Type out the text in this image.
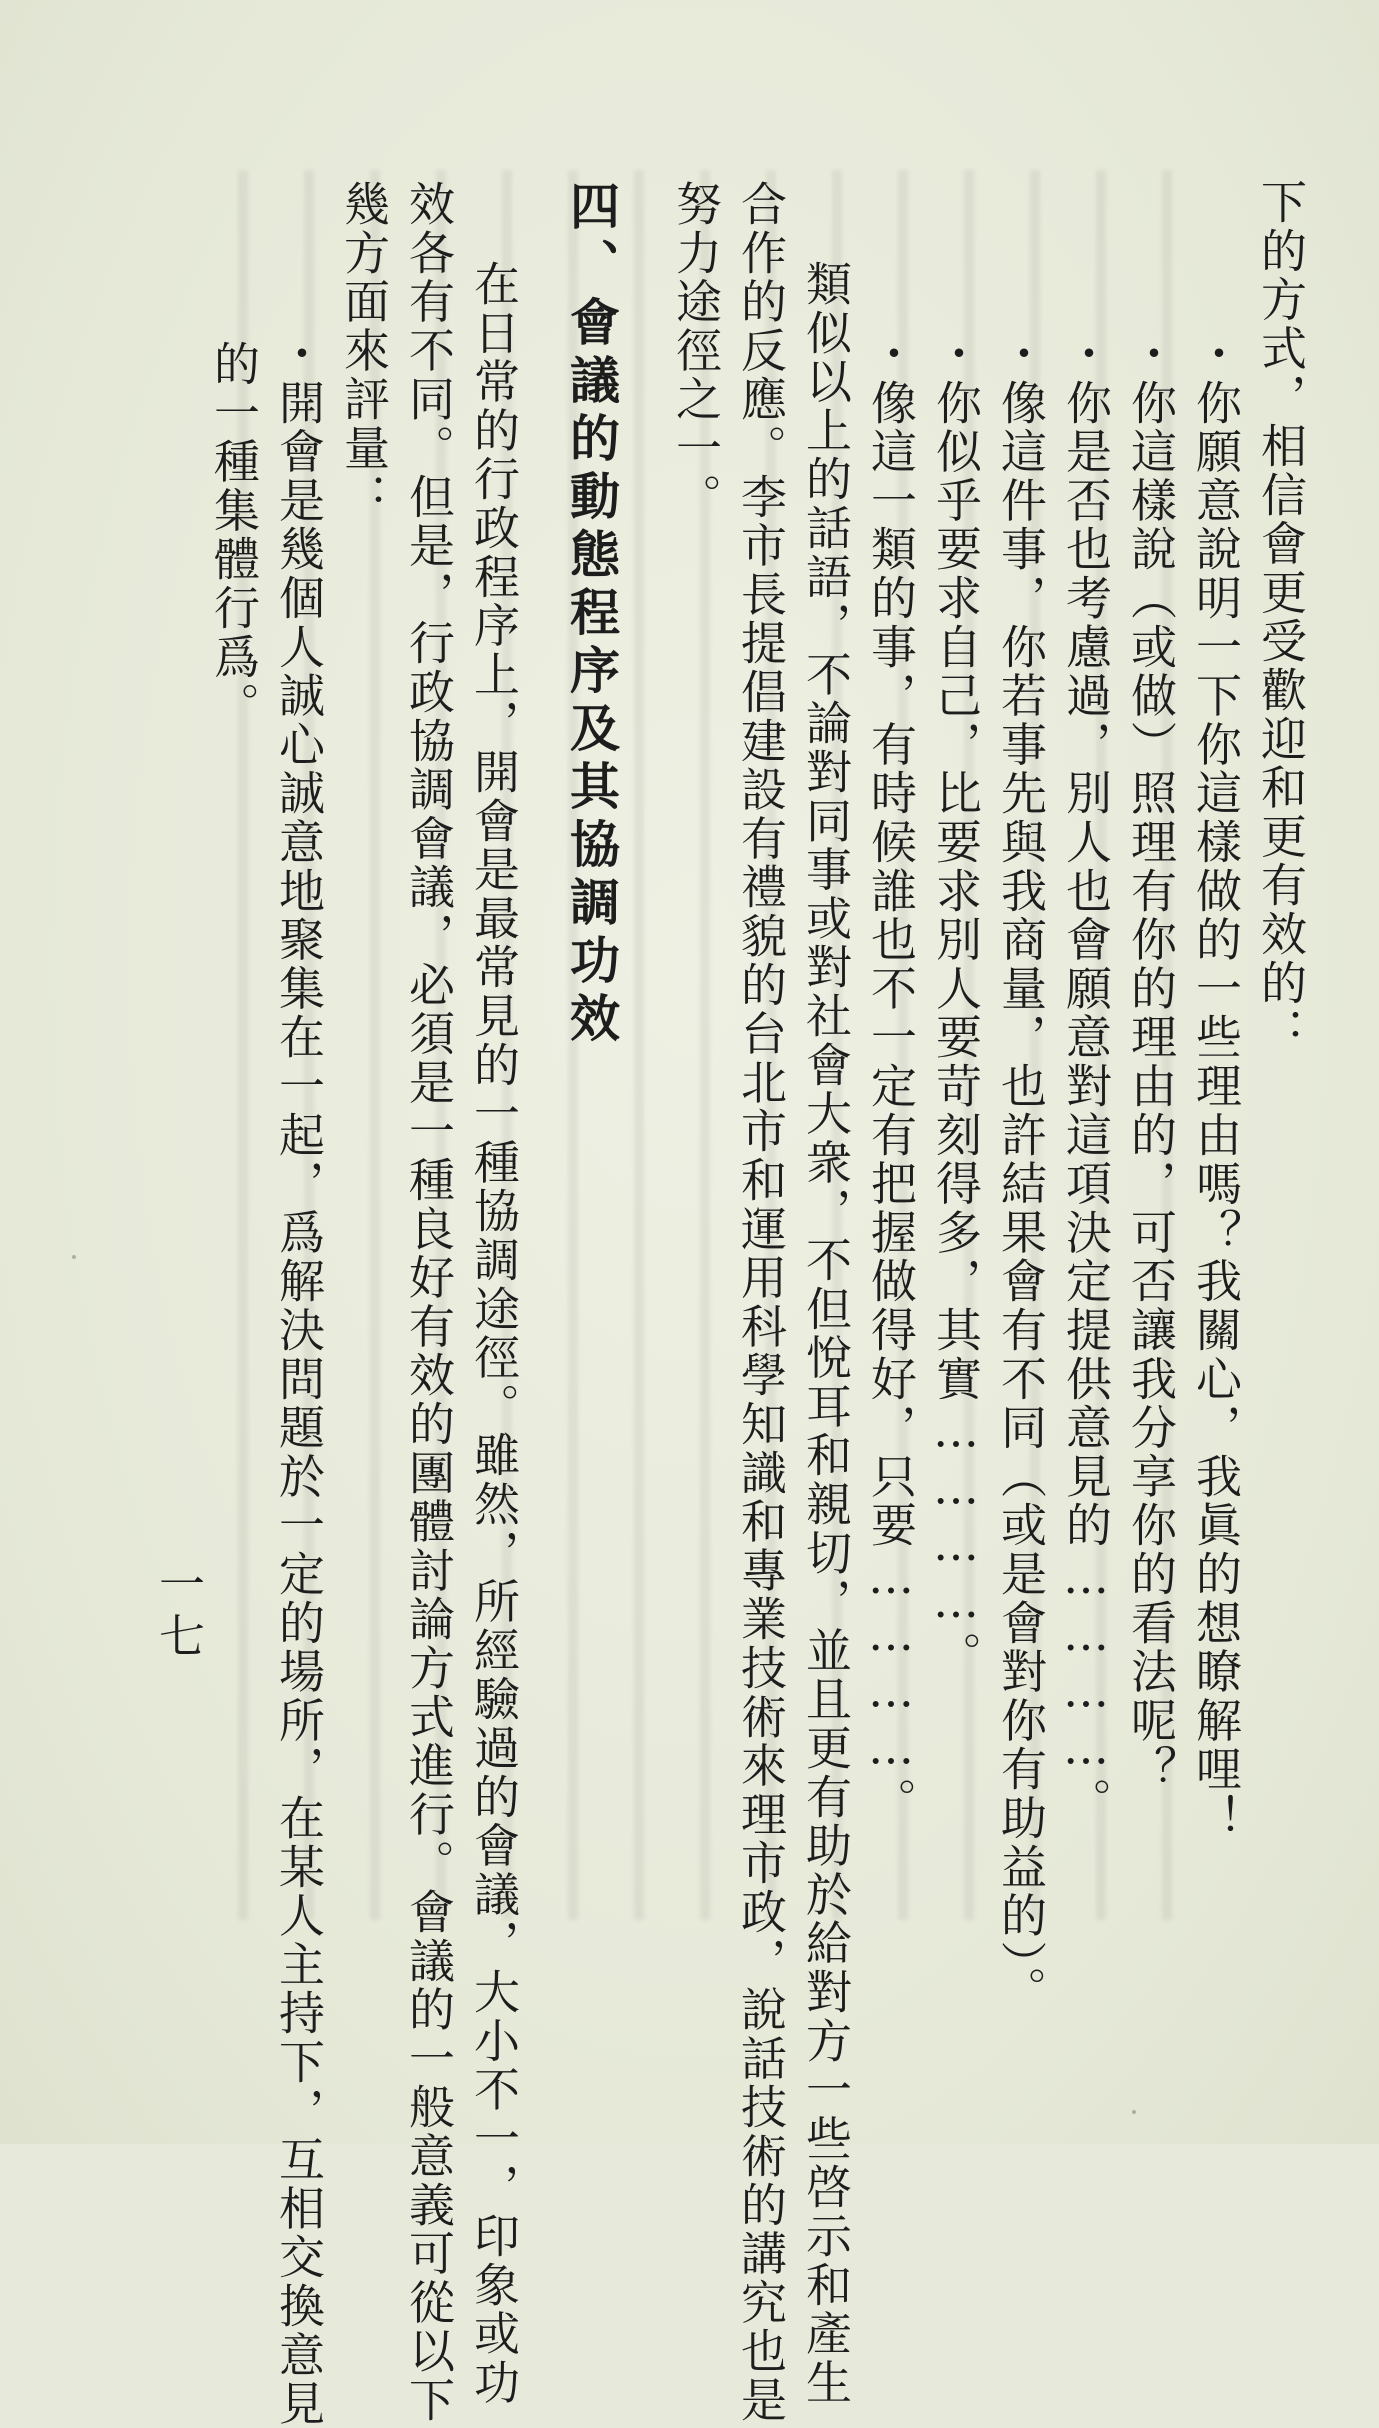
下的方式，相信會更受歡迎和更有效的：
・你願意說明一下你這樣做的一些理由嗎？我關心，我眞的想瞭解哩！
・你這樣說（或做）照理有你的理由的，可否讓我分享你的看法呢？
・你是否也考慮過，別人也會願意對這項決定提供意見的…………。
・像這件事，你若事先與我商量，也許結果會有不同（或是會對你有助益的）。
・你似乎要求自己，比要求別人要苛刻得多，其實…………。
・像這一類的事，有時候誰也不一定有把握做得好，只要…………。
類似以上的話語，不論對同事或對社會大衆，不但悅耳和親切，並且更有助於給對方一些啓示和產生
合作的反應。李市長提倡建設有禮貌的台北市和運用科學知識和專業技術來理市政，說話技術的講究也是
努力途徑之一。
四、會議的動態程序及其協調功效
在日常的行政程序上，開會是最常見的一種協調途徑。雖然，所經驗過的會議，大小不一，印象或功
效各有不同。但是，行政協調會議，必須是一種良好有效的團體討論方式進行。會議的一般意義可從以下
幾方面來評量：
・開會是幾個人誠心誠意地聚集在一起，爲解決問題於一定的場所，在某人主持下，互相交換意見
的一種集體行爲。
一七
